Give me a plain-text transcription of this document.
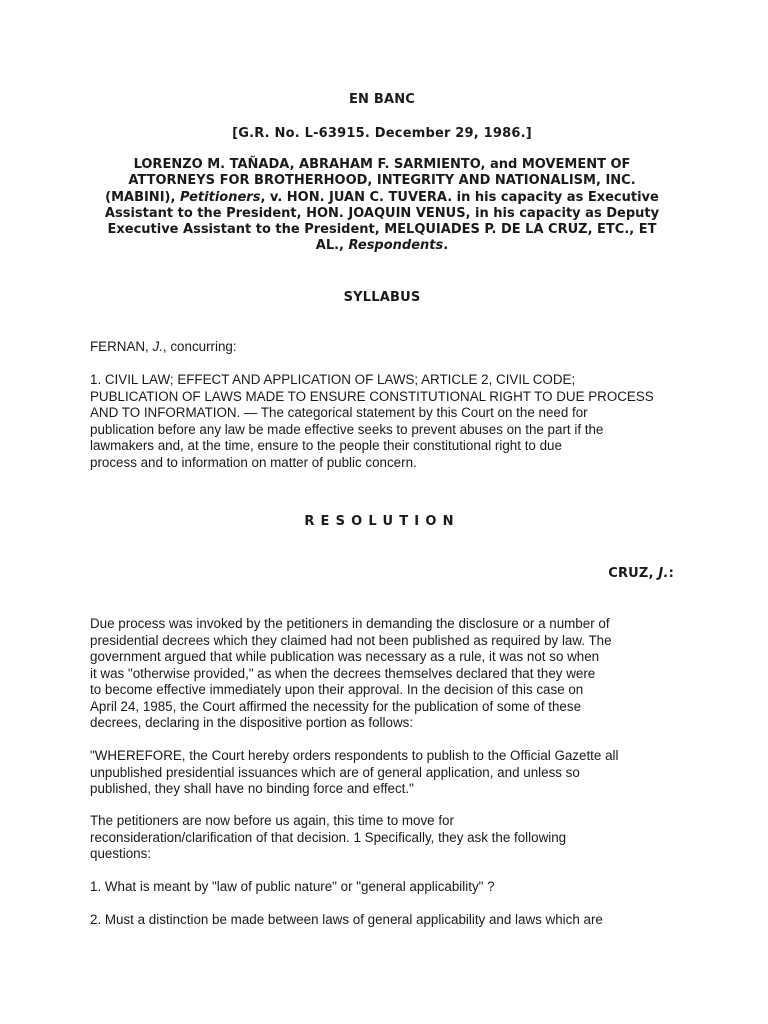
EN BANC
[G.R. No. L-63915. December 29, 1986.]
LORENZO M. TAÑADA, ABRAHAM F. SARMIENTO, and MOVEMENT OF
ATTORNEYS FOR BROTHERHOOD, INTEGRITY AND NATIONALISM, INC.
(MABINI), Petitioners, v. HON. JUAN C. TUVERA. in his capacity as Executive
Assistant to the President, HON. JOAQUIN VENUS, in his capacity as Deputy
Executive Assistant to the President, MELQUIADES P. DE LA CRUZ, ETC., ET
AL., Respondents.
SYLLABUS

FERNAN, J., concurring:

1. CIVIL LAW; EFFECT AND APPLICATION OF LAWS; ARTICLE 2, CIVIL CODE;
PUBLICATION OF LAWS MADE TO ENSURE CONSTITUTIONAL RIGHT TO DUE PROCESS
AND TO INFORMATION. — The categorical statement by this Court on the need for
publication before any law be made effective seeks to prevent abuses on the part if the
lawmakers and, at the time, ensure to the people their constitutional right to due
process and to information on matter of public concern.

RESOLUTION
CRUZ, J.:

Due process was invoked by the petitioners in demanding the disclosure or a number of
presidential decrees which they claimed had not been published as required by law. The
government argued that while publication was necessary as a rule, it was not so when
it was "otherwise provided," as when the decrees themselves declared that they were
to become effective immediately upon their approval. In the decision of this case on
April 24, 1985, the Court affirmed the necessity for the publication of some of these
decrees, declaring in the dispositive portion as follows:

"WHEREFORE, the Court hereby orders respondents to publish to the Official Gazette all
unpublished presidential issuances which are of general application, and unless so
published, they shall have no binding force and effect."

The petitioners are now before us again, this time to move for
reconsideration/clarification of that decision. 1 Specifically, they ask the following
questions:

1. What is meant by "law of public nature" or "general applicability" ?

2. Must a distinction be made between laws of general applicability and laws which are
